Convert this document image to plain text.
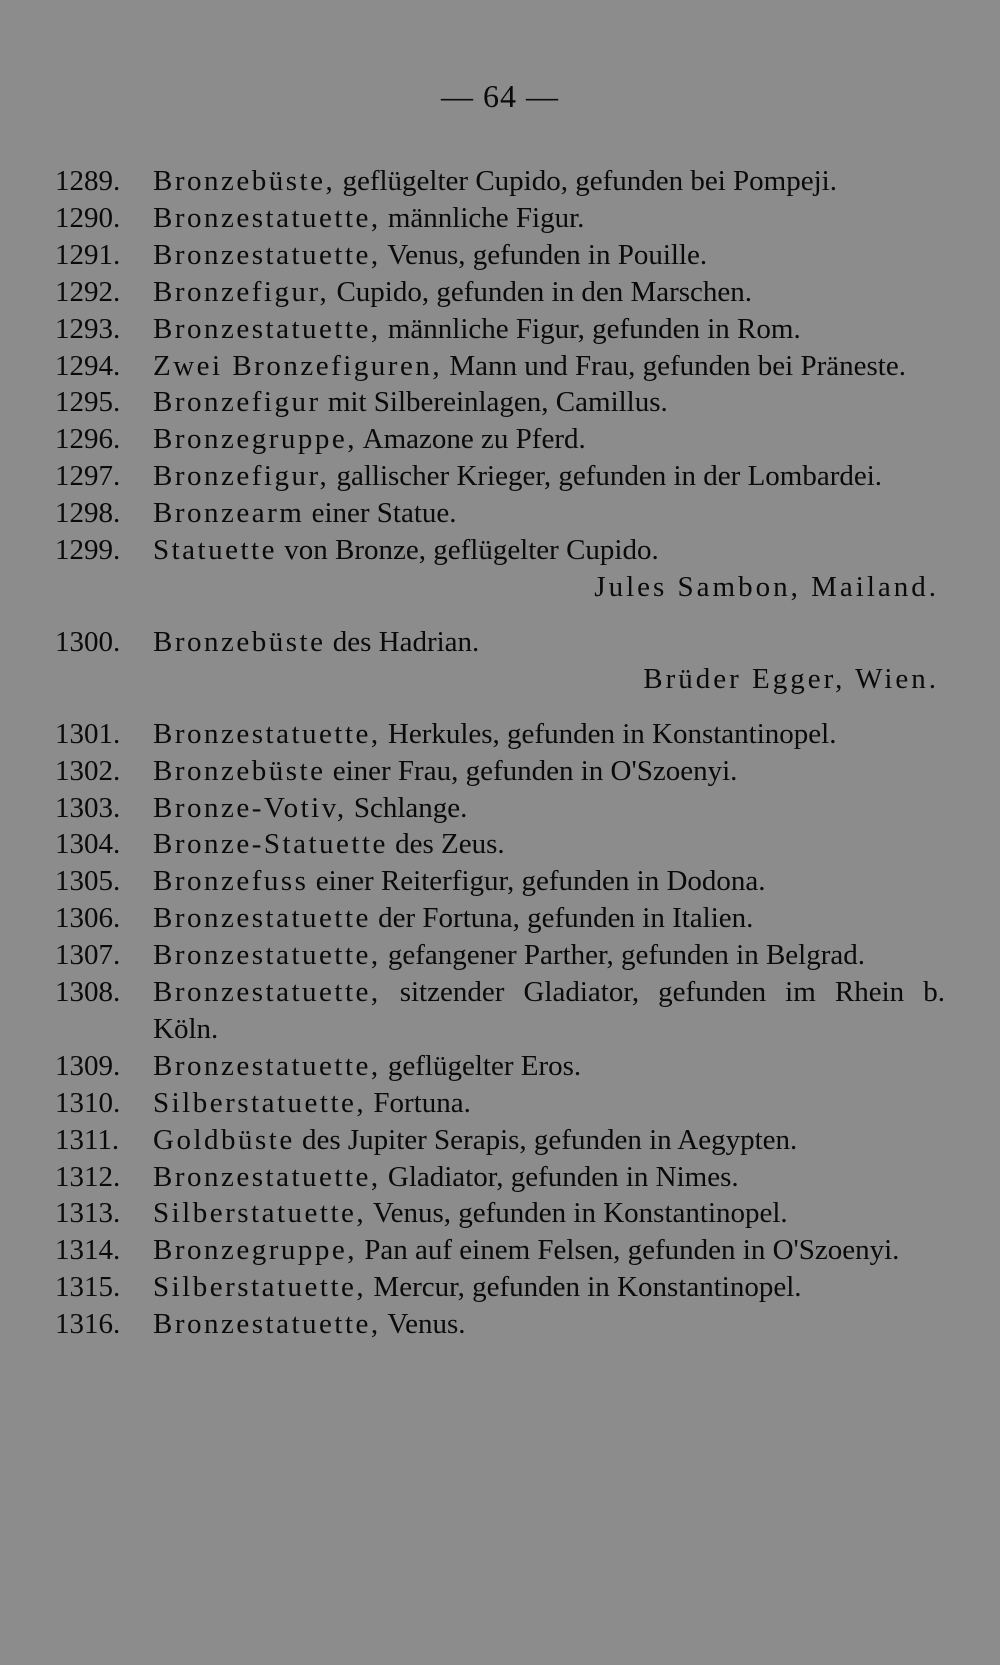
— 64 —
1289.	Bronzebüste, geflügelter Cupido, gefunden bei Pompeji.
1290.	Bronzestatuette, männliche Figur.
1291.	Bronzestatuette, Venus, gefunden in Pouille.
1292.	Bronzefigur, Cupido, gefunden in den Marschen.
1293.	Bronzestatuette, männliche Figur, gefunden in Rom.
1294.	Zwei Bronzefiguren, Mann und Frau, gefunden bei Präneste.
1295.	Bronzefigur mit Silbereinlagen, Camillus.
1296.	Bronzegruppe, Amazone zu Pferd.
1297.	Bronzefigur, gallischer Krieger, gefunden in der Lombardei.
1298.	Bronzearm einer Statue.
1299.	Statuette von Bronze, geflügelter Cupido.
Jules Sambon, Mailand.
1300.	Bronzebüste des Hadrian.
Brüder Egger, Wien.
1301.	Bronzestatuette, Herkules, gefunden in Konstantinopel.
1302.	Bronzebüste einer Frau, gefunden in O'Szoenyi.
1303.	Bronze-Votiv, Schlange.
1304.	Bronze-Statuette des Zeus.
1305.	Bronzefuss einer Reiterfigur, gefunden in Dodona.
1306.	Bronzestatuette der Fortuna, gefunden in Italien.
1307.	Bronzestatuette, gefangener Parther, gefunden in Belgrad.
1308.	Bronzestatuette, sitzender Gladiator, gefunden im Rhein b. Köln.
1309.	Bronzestatuette, geflügelter Eros.
1310.	Silberstatuette, Fortuna.
1311.	Goldbüste des Jupiter Serapis, gefunden in Aegypten.
1312.	Bronzestatuette, Gladiator, gefunden in Nimes.
1313.	Silberstatuette, Venus, gefunden in Konstantinopel.
1314.	Bronzegruppe, Pan auf einem Felsen, gefunden in O'Szoenyi.
1315.	Silberstatuette, Mercur, gefunden in Konstantinopel.
1316.	Bronzestatuette, Venus.
